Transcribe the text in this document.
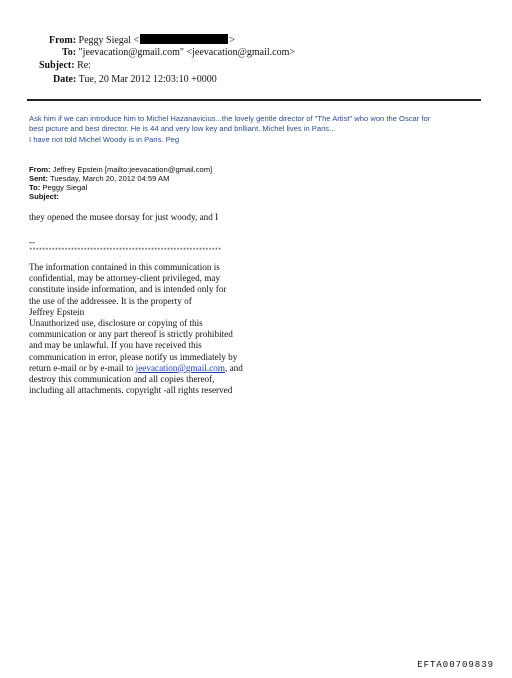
From: Peggy Siegal <	>
To: "jeevacation@gmail.com" <jeevacation@gmail.com>
Subject: Re:
Date: Tue, 20 Mar 2012 12:03:10 +0000
Ask him if we can introduce him to Michel Hazanavicius...the lovely gentle director of "The Artist" who won the Oscar for
best picture and best director. He is 44 and very low key and brilliant. Michel lives in Paris...
I have not told Michel Woody is in Paris. Peg
From: Jeffrey Epstein [mailto:jeevacation@gmail.com]
Sent: Tuesday, March 20, 2012 04:59 AM
To: Peggy Siegal
Subject:
they opened the musee dorsay for just woody, and I
--
************************************************************
The information contained in this communication is
confidential, may be attorney-client privileged, may
constitute inside information, and is intended only for
the use of the addressee. It is the property of
Jeffrey Epstein
Unauthorized use, disclosure or copying of this
communication or any part thereof is strictly prohibited
and may be unlawful. If you have received this
communication in error, please notify us immediately by
return e-mail or by e-mail to jeevacation@gmail.com, and
destroy this communication and all copies thereof,
including all attachments. copyright -all rights reserved
EFTA00709839
